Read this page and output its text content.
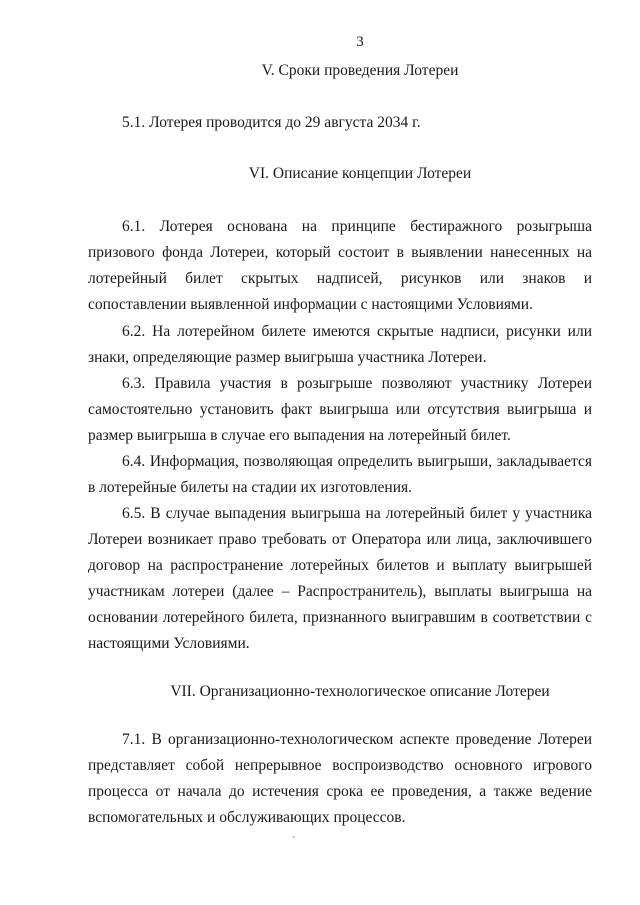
3
V. Сроки проведения Лотереи

5.1. Лотерея проводится до 29 августа 2034 г.

VI. Описание концепции Лотереи

6.1. Лотерея основана на принципе бестиражного розыгрыша призового фонда Лотереи, который состоит в выявлении нанесенных на лотерейный билет скрытых надписей, рисунков или знаков и сопоставлении выявленной информации с настоящими Условиями.

6.2. На лотерейном билете имеются скрытые надписи, рисунки или знаки, определяющие размер выигрыша участника Лотереи.

6.3. Правила участия в розыгрыше позволяют участнику Лотереи самостоятельно установить факт выигрыша или отсутствия выигрыша и размер выигрыша в случае его выпадения на лотерейный билет.

6.4. Информация, позволяющая определить выигрыши, закладывается в лотерейные билеты на стадии их изготовления.

6.5. В случае выпадения выигрыша на лотерейный билет у участника Лотереи возникает право требовать от Оператора или лица, заключившего договор на распространение лотерейных билетов и выплату выигрышей участникам лотереи (далее – Распространитель), выплаты выигрыша на основании лотерейного билета, признанного выигравшим в соответствии с настоящими Условиями.

VII. Организационно-технологическое описание Лотереи

7.1. В организационно-технологическом аспекте проведение Лотереи представляет собой непрерывное воспроизводство основного игрового процесса от начала до истечения срока ее проведения, а также ведение вспомогательных и обслуживающих процессов.

`
